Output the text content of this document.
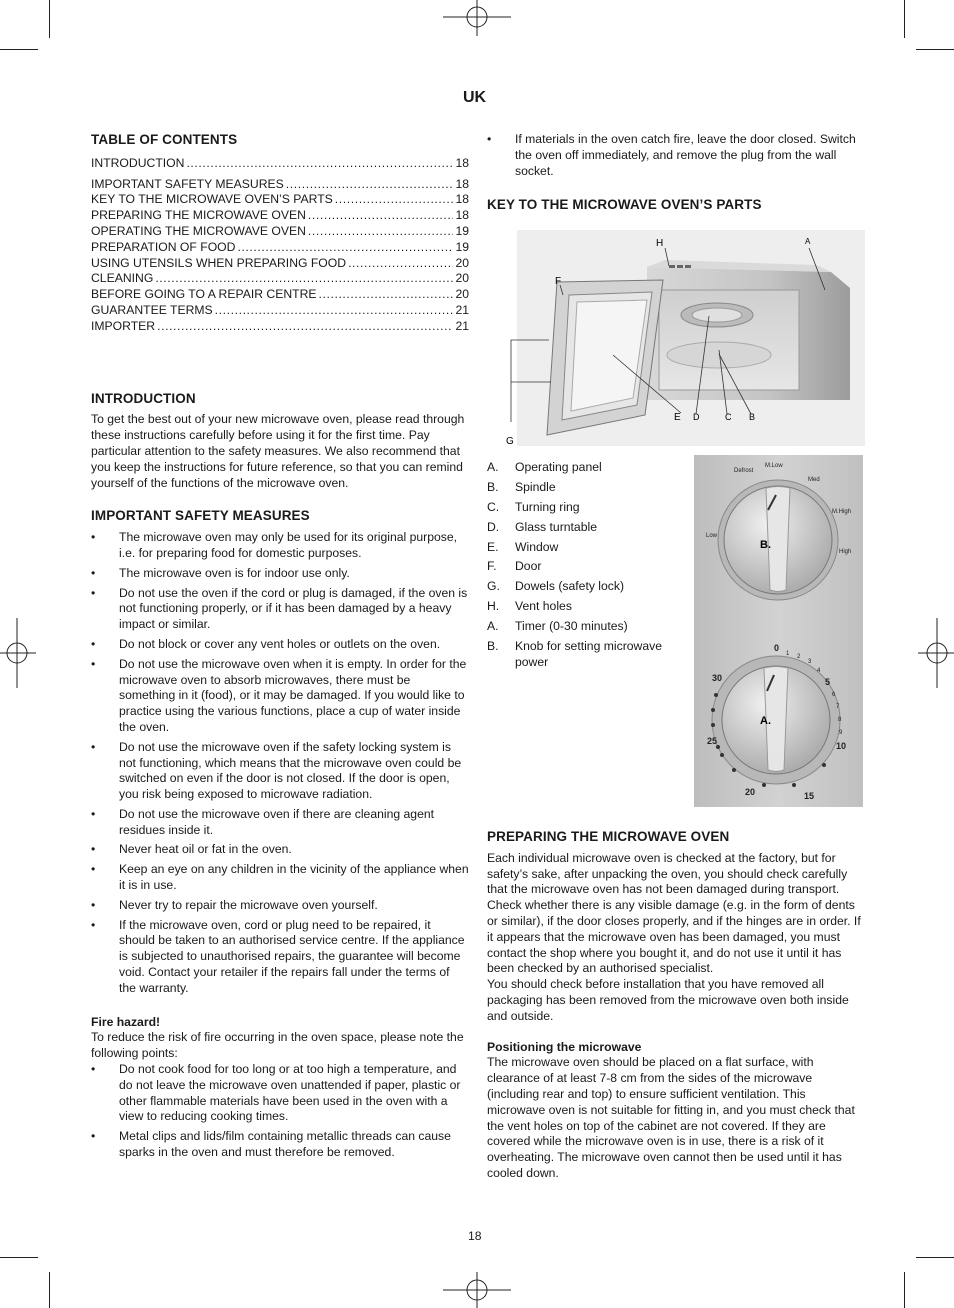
UK
TABLE OF CONTENTS
INTRODUCTION .....	18
IMPORTANT SAFETY MEASURES .....	18
KEY TO THE MICROWAVE OVEN’S PARTS .....	18
PREPARING THE MICROWAVE OVEN .....	18
OPERATING THE MICROWAVE OVEN .....	19
PREPARATION OF FOOD .....	19
USING UTENSILS WHEN PREPARING FOOD .....	20
CLEANING .....	20
BEFORE GOING TO A REPAIR CENTRE .....	20
GUARANTEE TERMS .....	21
IMPORTER .....	21
INTRODUCTION

To get the best out of your new microwave oven, please read through these instructions carefully before using it for the first time. Pay particular attention to the safety measures. We also recommend that you keep the instructions for future reference, so that you can remind yourself of the functions of the microwave oven.

IMPORTANT SAFETY MEASURES
• The microwave oven may only be used for its original purpose, i.e. for preparing food for domestic purposes.
• The microwave oven is for indoor use only.
• Do not use the oven if the cord or plug is damaged, if the oven is not functioning properly, or if it has been damaged by a heavy impact or similar.
• Do not block or cover any vent holes or outlets on the oven.
• Do not use the microwave oven when it is empty. In order for the microwave oven to absorb microwaves, there must be something in it (food), or it may be damaged. If you would like to practice using the various functions, place a cup of water inside the oven.
• Do not use the microwave oven if the safety locking system is not functioning, which means that the microwave oven could be switched on even if the door is not closed. If the door is open, you risk being exposed to microwave radiation.
• Do not use the microwave oven if there are cleaning agent residues inside it.
• Never heat oil or fat in the oven.
• Keep an eye on any children in the vicinity of the appliance when it is in use.
• Never try to repair the microwave oven yourself.
• If the microwave oven, cord or plug need to be repaired, it should be taken to an authorised service centre. If the appliance is subjected to unauthorised repairs, the guarantee will become void. Contact your retailer if the repairs fall under the terms of the warranty.
Fire hazard!

To reduce the risk of fire occurring in the oven space, please note the following points:

• Do not cook food for too long or at too high a temperature, and do not leave the microwave oven unattended if paper, plastic or other flammable materials have been used in the oven with a view to reducing cooking times.
• Metal clips and lids/film containing metallic threads can cause sparks in the oven and must therefore be removed.
• If materials in the oven catch fire, leave the door closed. Switch the oven off immediately, and remove the plug from the wall socket.
KEY TO THE MICROWAVE OVEN’S PARTS
H	A
F
E D	C B
G
A. Operating panel
B. Spindle
C. Turning ring
D. Glass turntable
E. Window
F. Door
G. Dowels (safety lock)
H. Vent holes
A. Timer (0-30 minutes)
B. Knob for setting microwave power
Defrost
M.Low
Med
M.High
Low
High
B.
1 2
3
4
6
7
8
9
0
5
10
15
20
25
30
A.
PREPARING THE MICROWAVE OVEN

Each individual microwave oven is checked at the factory, but for safety’s sake, after unpacking the oven, you should check carefully that the microwave oven has not been damaged during transport. Check whether there is any visible damage (e.g. in the form of dents or similar), if the door closes properly, and if the hinges are in order. If it appears that the microwave oven has been damaged, you must contact the shop where you bought it, and do not use it until it has been checked by an authorised specialist.

You should check before installation that you have removed all packaging has been removed from the microwave oven both inside and outside.

Positioning the microwave

The microwave oven should be placed on a flat surface, with clearance of at least 7-8 cm from the sides of the microwave (including rear and top) to ensure sufficient ventilation. This microwave oven is not suitable for fitting in, and you must check that the vent holes on top of the cabinet are not covered. If they are covered while the microwave oven is in use, there is a risk of it overheating. The microwave oven cannot then be used until it has cooled down.

18
